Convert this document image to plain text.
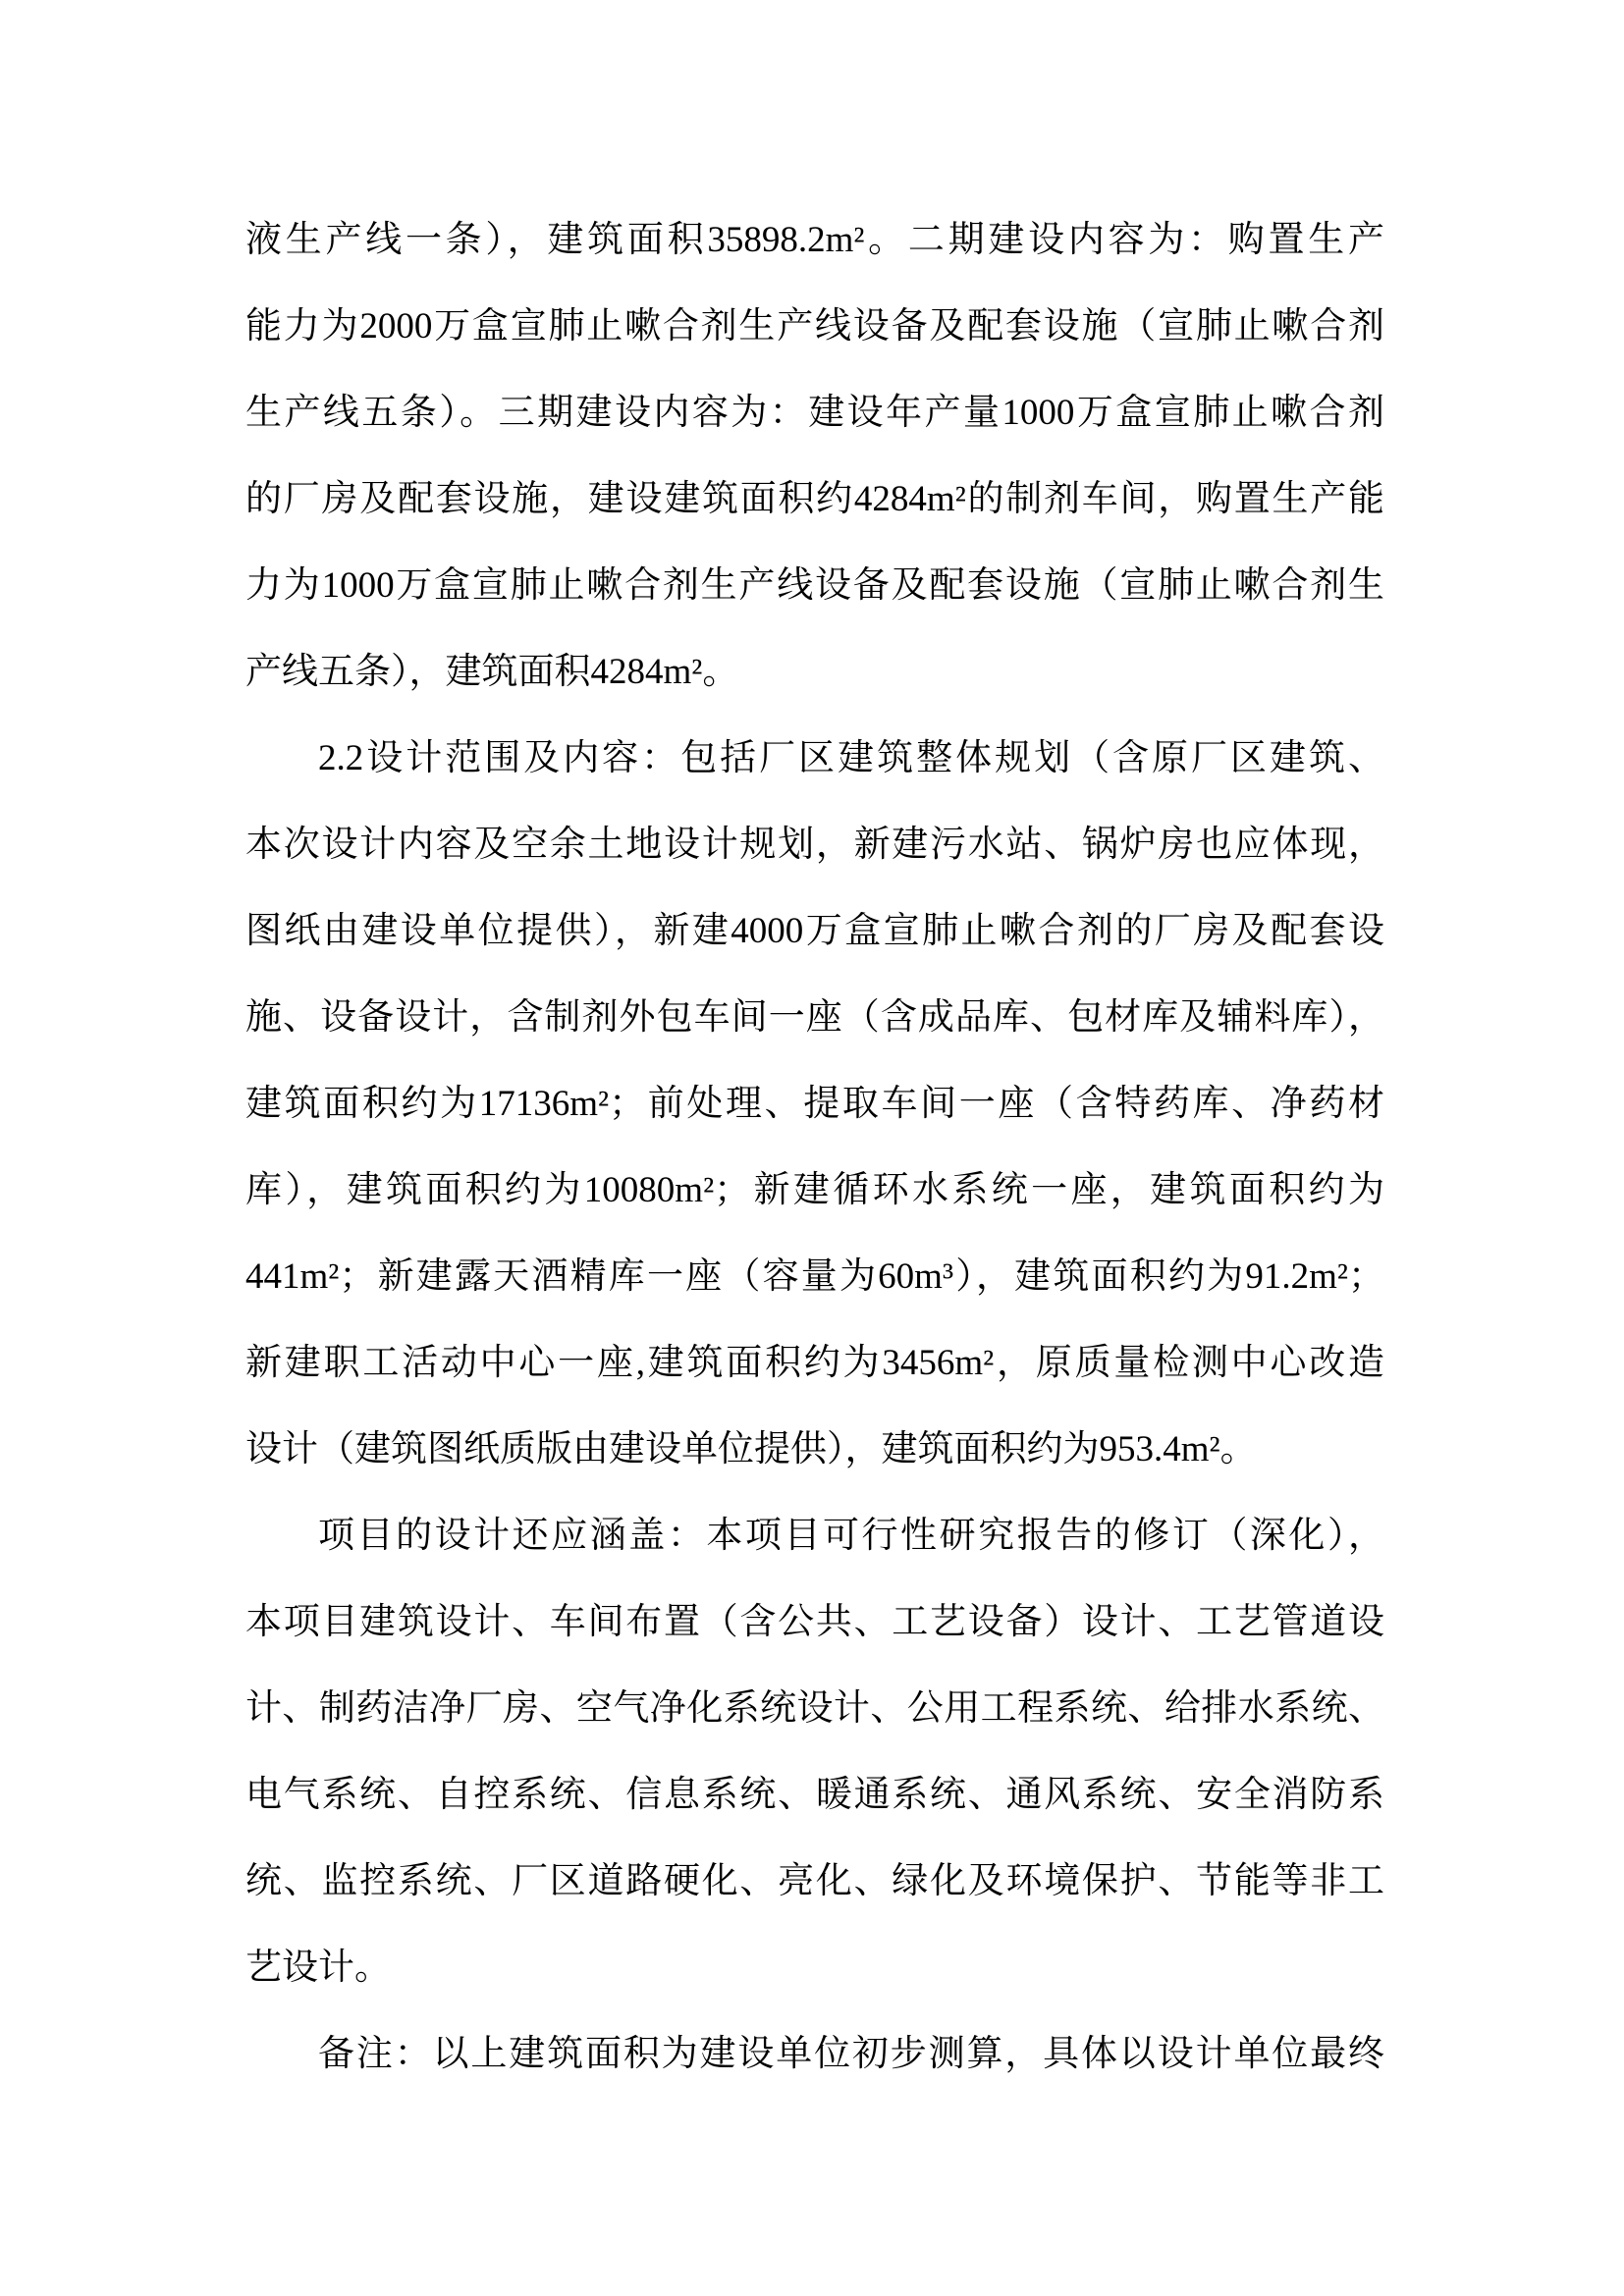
液生产线一条），建筑面积35898.2m²。二期建设内容为：购置生产
能力为2000万盒宣肺止嗽合剂生产线设备及配套设施（宣肺止嗽合剂
生产线五条）。三期建设内容为：建设年产量1000万盒宣肺止嗽合剂
的厂房及配套设施，建设建筑面积约4284m²的制剂车间，购置生产能
力为1000万盒宣肺止嗽合剂生产线设备及配套设施（宣肺止嗽合剂生
产线五条），建筑面积4284m²。
2.2设计范围及内容：包括厂区建筑整体规划（含原厂区建筑、
本次设计内容及空余土地设计规划，新建污水站、锅炉房也应体现，
图纸由建设单位提供），新建4000万盒宣肺止嗽合剂的厂房及配套设
施、设备设计，含制剂外包车间一座（含成品库、包材库及辅料库），
建筑面积约为17136m²；前处理、提取车间一座（含特药库、净药材
库），建筑面积约为10080m²；新建循环水系统一座，建筑面积约为
441m²；新建露天酒精库一座（容量为60m³），建筑面积约为91.2m²；
新建职工活动中心一座,建筑面积约为3456m²，原质量检测中心改造
设计（建筑图纸质版由建设单位提供），建筑面积约为953.4m²。
项目的设计还应涵盖：本项目可行性研究报告的修订（深化），
本项目建筑设计、车间布置（含公共、工艺设备）设计、工艺管道设
计、制药洁净厂房、空气净化系统设计、公用工程系统、给排水系统、
电气系统、自控系统、信息系统、暖通系统、通风系统、安全消防系
统、监控系统、厂区道路硬化、亮化、绿化及环境保护、节能等非工
艺设计。
备注：以上建筑面积为建设单位初步测算，具体以设计单位最终
